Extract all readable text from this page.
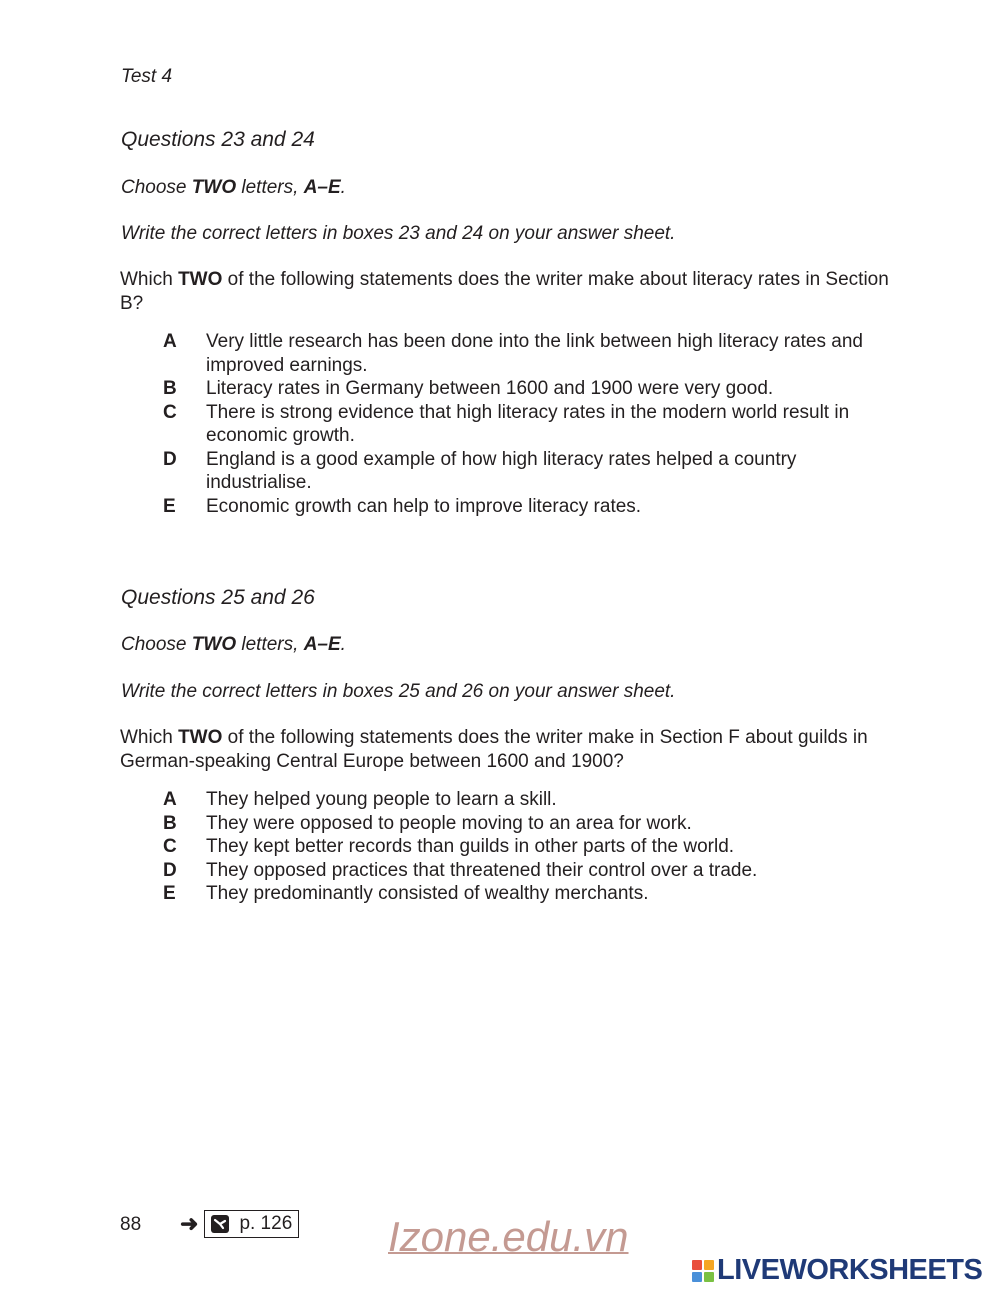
Test 4
Questions 23 and 24
Choose TWO letters, A–E.
Write the correct letters in boxes 23 and 24 on your answer sheet.
Which TWO of the following statements does the writer make about literacy rates in Section B?
A	Very little research has been done into the link between high literacy rates and improved earnings.
B	Literacy rates in Germany between 1600 and 1900 were very good.
C	There is strong evidence that high literacy rates in the modern world result in economic growth.
D	England is a good example of how high literacy rates helped a country industrialise.
E	Economic growth can help to improve literacy rates.
Questions 25 and 26
Choose TWO letters, A–E.
Write the correct letters in boxes 25 and 26 on your answer sheet.
Which TWO of the following statements does the writer make in Section F about guilds in German-speaking Central Europe between 1600 and 1900?
A	They helped young people to learn a skill.
B	They were opposed to people moving to an area for work.
C	They kept better records than guilds in other parts of the world.
D	They opposed practices that threatened their control over a trade.
E	They predominantly consisted of wealthy merchants.
88 ➜ p. 126 Izone.edu.vn
LIVEWORKSHEETS
